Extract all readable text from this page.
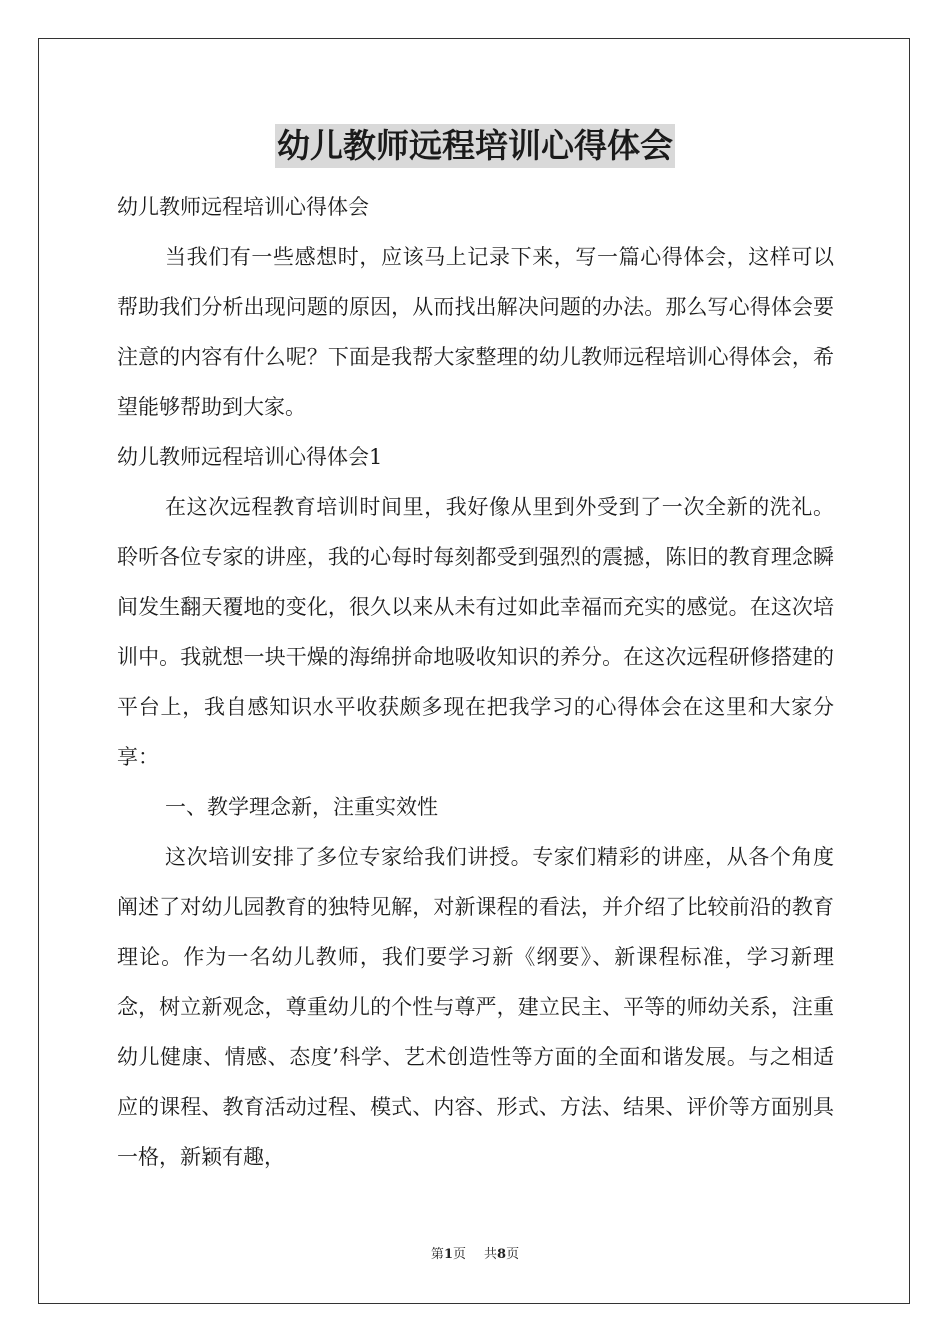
幼儿教师远程培训心得体会

幼儿教师远程培训心得体会

当我们有一些感想时，应该马上记录下来，写一篇心得体会，这样可以帮助我们分析出现问题的原因，从而找出解决问题的办法。那么写心得体会要注意的内容有什么呢？下面是我帮大家整理的幼儿教师远程培训心得体会，希望能够帮助到大家。

幼儿教师远程培训心得体会1

在这次远程教育培训时间里，我好像从里到外受到了一次全新的洗礼。聆听各位专家的讲座，我的心每时每刻都受到强烈的震撼，陈旧的教育理念瞬间发生翻天覆地的变化，很久以来从未有过如此幸福而充实的感觉。在这次培训中。我就想一块干燥的海绵拼命地吸收知识的养分。在这次远程研修搭建的平台上，我自感知识水平收获颇多现在把我学习的心得体会在这里和大家分享：

一、教学理念新，注重实效性

这次培训安排了多位专家给我们讲授。专家们精彩的讲座，从各个角度阐述了对幼儿园教育的独特见解，对新课程的看法，并介绍了比较前沿的教育理论。作为一名幼儿教师，我们要学习新《纲要》、新课程标准，学习新理念，树立新观念，尊重幼儿的个性与尊严，建立民主、平等的师幼关系，注重幼儿健康、情感、态度’科学、艺术创造性等方面的全面和谐发展。与之相适应的课程、教育活动过程、模式、内容、形式、方法、结果、评价等方面别具一格，新颖有趣，

第1页 共8页
